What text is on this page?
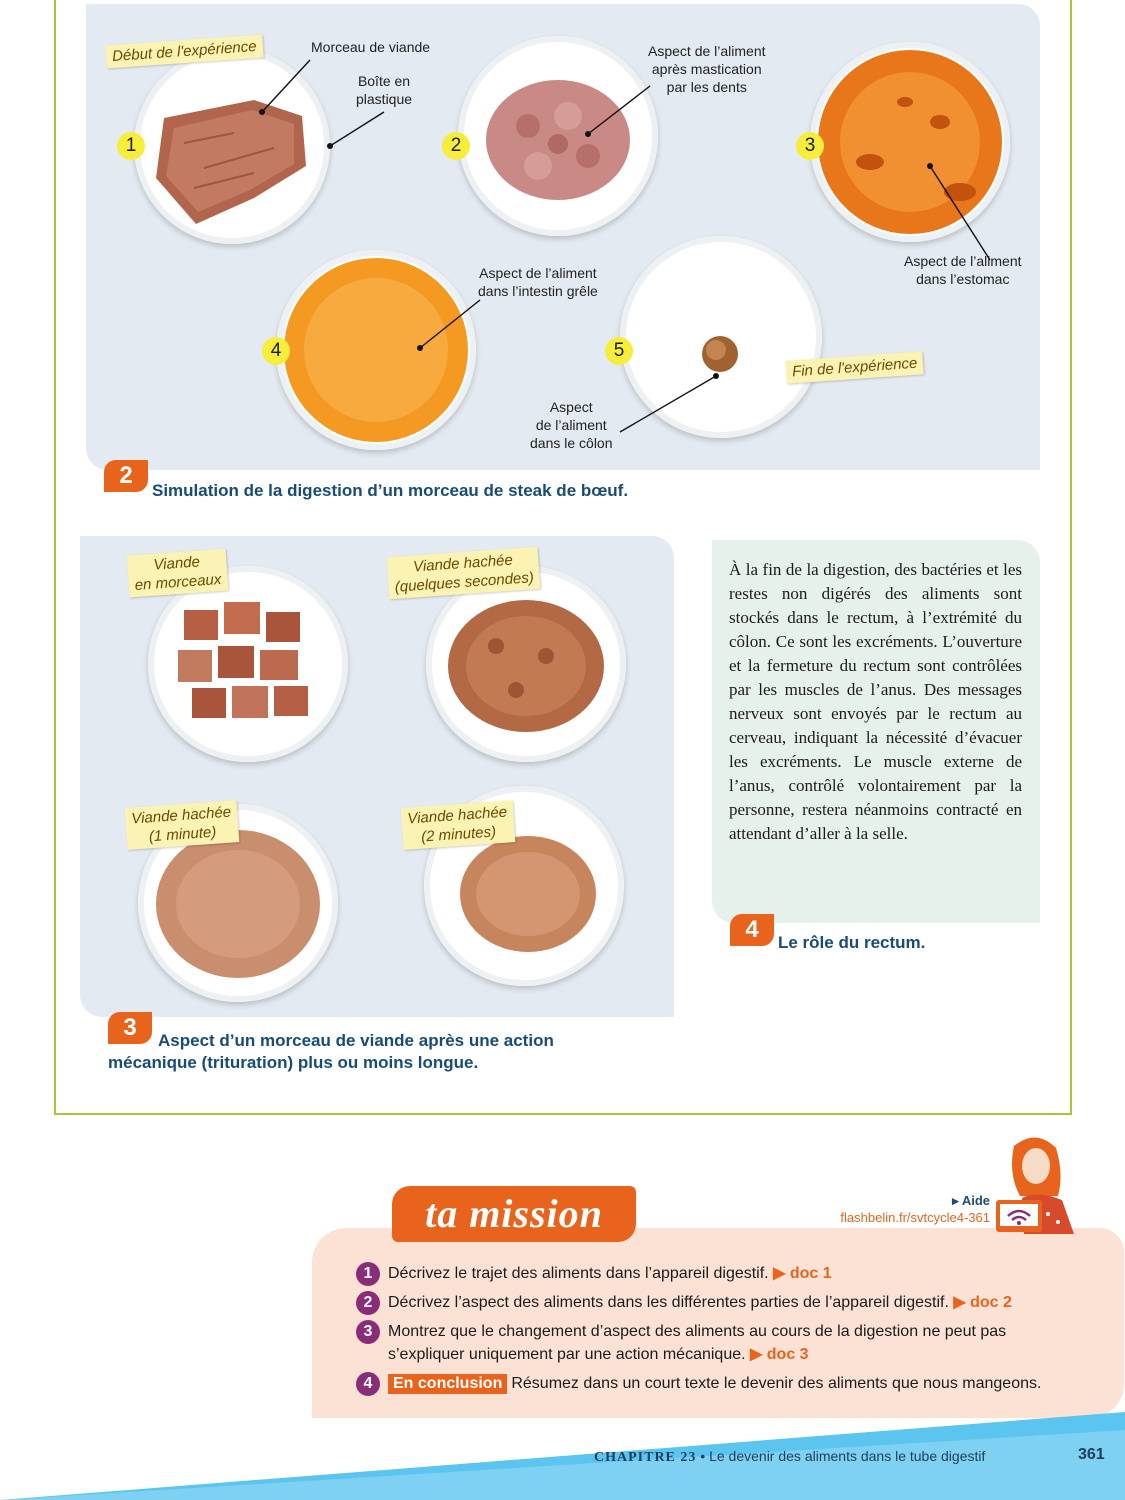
1	2	3
4	5
Début de l'expérience
Fin de l'expérience
Morceau de viande
Boîte en
plastique
Aspect de l’aliment
après mastication
par les dents
Aspect de l’aliment
dans l’estomac
Aspect de l’aliment
dans l’intestin grêle
Aspect
de l’aliment
dans le côlon
2
Simulation de la digestion d’un morceau de steak de bœuf.
Viande
en morceaux
Viande hachée
(quelques secondes)
Viande hachée
(1 minute)
Viande hachée
(2 minutes)
3	Aspect d’un morceau de viande après une action
mécanique (trituration) plus ou moins longue.
À la fin de la digestion, des bactéries et les restes non digérés des aliments sont stockés dans le rectum, à l’extrémité du côlon. Ce sont les excréments. L’ouverture et la fermeture du rectum sont contrôlées par les muscles de l’anus. Des messages nerveux sont envoyés par le rectum au cerveau, indiquant la nécessité d’évacuer les excréments. Le muscle externe de l’anus, contrôlé volontairement par la personne, restera néanmoins contracté en attendant d’aller à la selle.
4	Le rôle du rectum.
ta mission	▸ Aide
flashbelin.fr/svtcycle4-361
1 Décrivez le trajet des aliments dans l’appareil digestif. ▶ doc 1
2 Décrivez l’aspect des aliments dans les différentes parties de l’appareil digestif. ▶ doc 2
3 Montrez que le changement d’aspect des aliments au cours de la digestion ne peut pas
s’expliquer uniquement par une action mécanique. ▶ doc 3
4 En conclusion Résumez dans un court texte le devenir des aliments que nous mangeons.
CHAPITRE 23 • Le devenir des aliments dans le tube digestif	361
